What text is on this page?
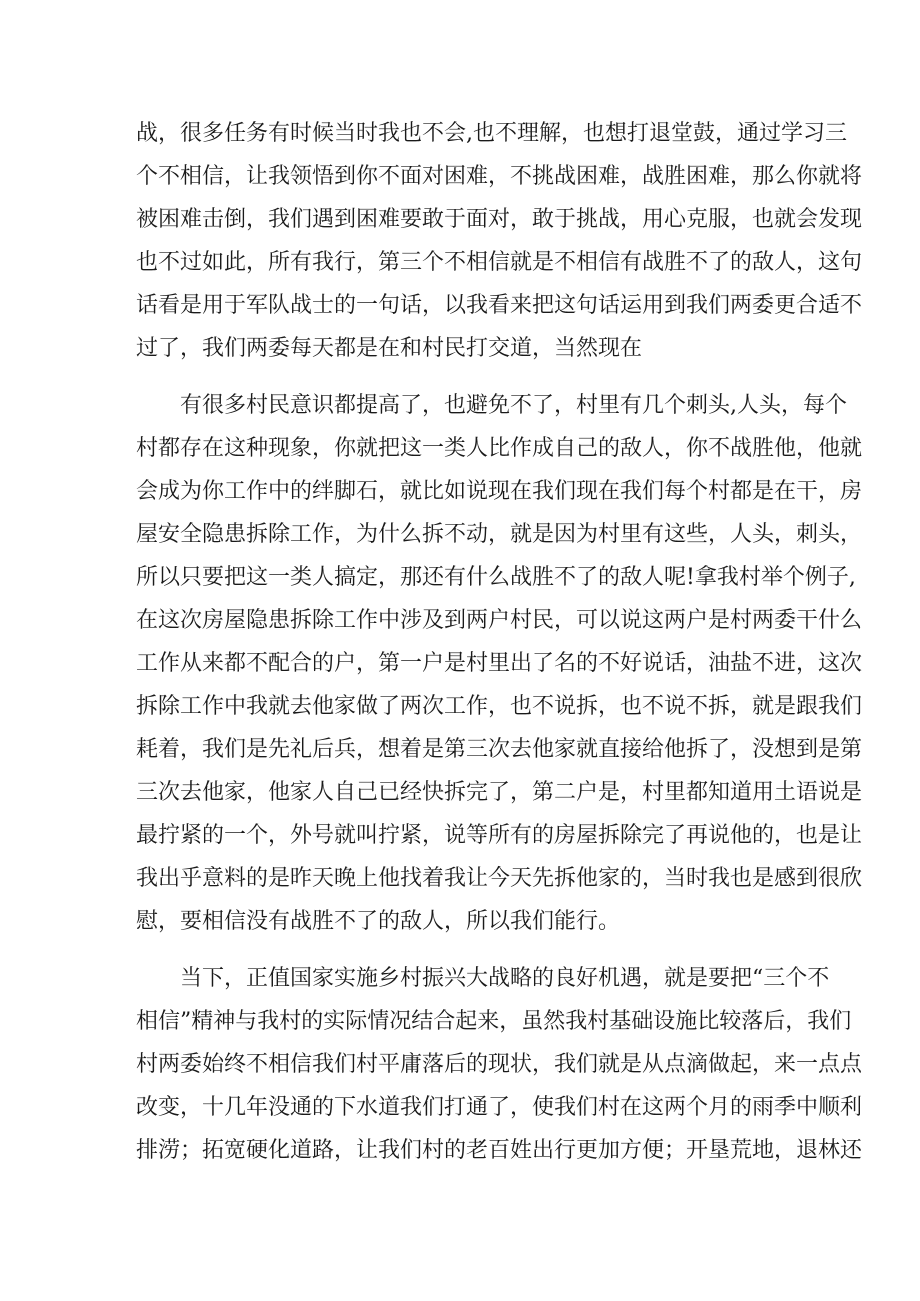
战，很多任务有时候当时我也不会,也不理解，也想打退堂鼓，通过学习三
个不相信，让我领悟到你不面对困难，不挑战困难，战胜困难，那么你就将
被困难击倒，我们遇到困难要敢于面对，敢于挑战，用心克服，也就会发现
也不过如此，所有我行，第三个不相信就是不相信有战胜不了的敌人，这句
话看是用于军队战士的一句话，以我看来把这句话运用到我们两委更合适不
过了，我们两委每天都是在和村民打交道，当然现在
有很多村民意识都提高了，也避免不了，村里有几个刺头,人头，每个
村都存在这种现象，你就把这一类人比作成自己的敌人，你不战胜他，他就
会成为你工作中的绊脚石，就比如说现在我们现在我们每个村都是在干，房
屋安全隐患拆除工作，为什么拆不动，就是因为村里有这些，人头，刺头，
所以只要把这一类人搞定，那还有什么战胜不了的敌人呢!拿我村举个例子,
在这次房屋隐患拆除工作中涉及到两户村民，可以说这两户是村两委干什么
工作从来都不配合的户，第一户是村里出了名的不好说话，油盐不进，这次
拆除工作中我就去他家做了两次工作，也不说拆，也不说不拆，就是跟我们
耗着，我们是先礼后兵，想着是第三次去他家就直接给他拆了，没想到是第
三次去他家，他家人自己已经快拆完了，第二户是，村里都知道用土语说是
最拧紧的一个，外号就叫拧紧，说等所有的房屋拆除完了再说他的，也是让
我出乎意料的是昨天晚上他找着我让今天先拆他家的，当时我也是感到很欣
慰，要相信没有战胜不了的敌人，所以我们能行。
当下，正值国家实施乡村振兴大战略的良好机遇，就是要把“三个不
相信”精神与我村的实际情况结合起来，虽然我村基础设施比较落后，我们
村两委始终不相信我们村平庸落后的现状，我们就是从点滴做起，来一点点
改变，十几年没通的下水道我们打通了，使我们村在这两个月的雨季中顺利
排涝；拓宽硬化道路，让我们村的老百姓出行更加方便；开垦荒地，退林还
